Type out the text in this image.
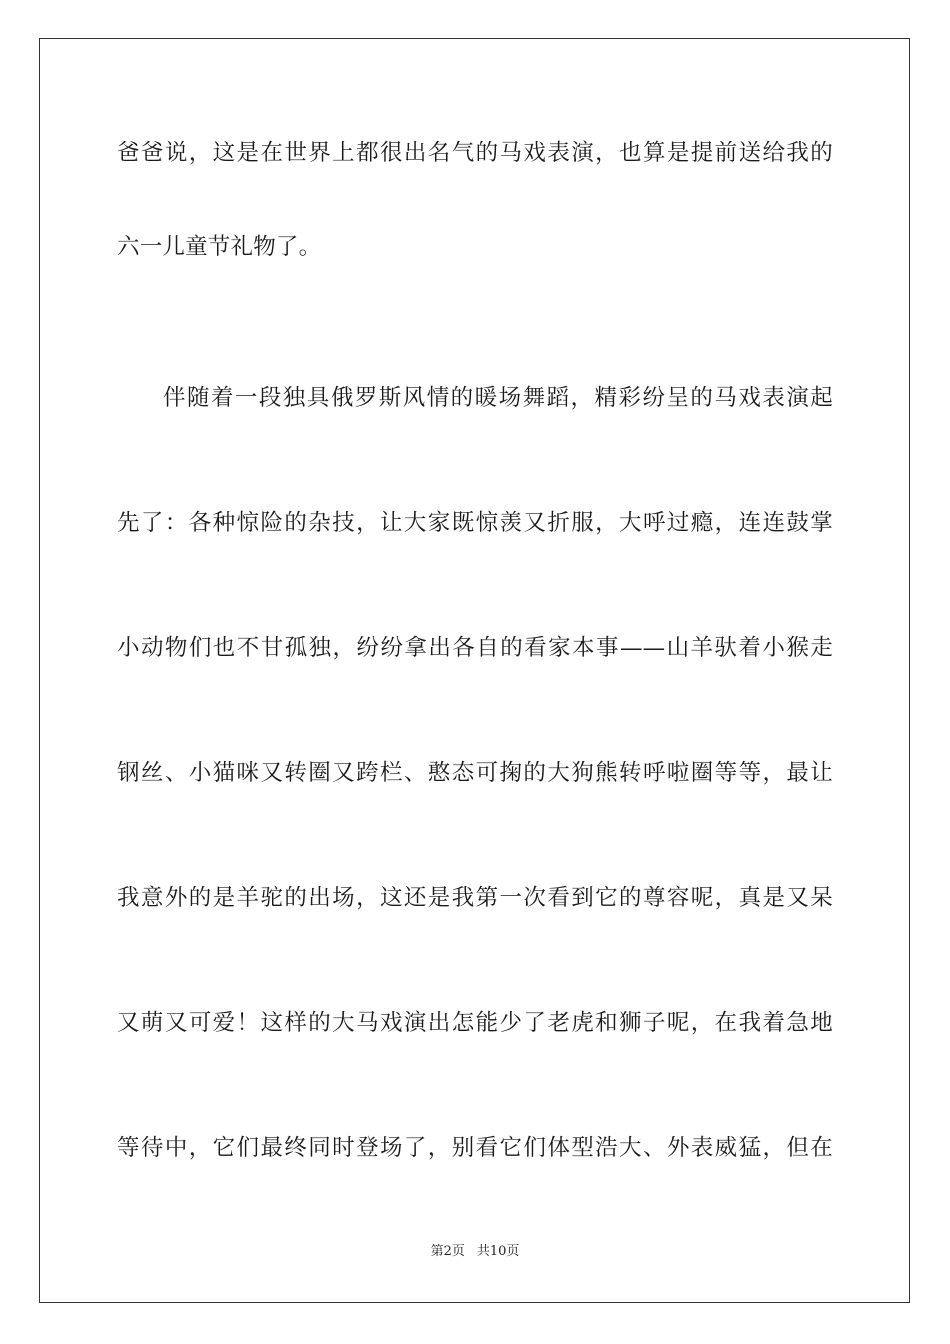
爸爸说，这是在世界上都很出名气的马戏表演，也算是提前送给我的
六一儿童节礼物了。
伴随着一段独具俄罗斯风情的暖场舞蹈，精彩纷呈的马戏表演起
先了：各种惊险的杂技，让大家既惊羡又折服，大呼过瘾，连连鼓掌
小动物们也不甘孤独，纷纷拿出各自的看家本事——山羊驮着小猴走
钢丝、小猫咪又转圈又跨栏、憨态可掬的大狗熊转呼啦圈等等，最让
我意外的是羊驼的出场，这还是我第一次看到它的尊容呢，真是又呆
又萌又可爱！这样的大马戏演出怎能少了老虎和狮子呢，在我着急地
等待中，它们最终同时登场了，别看它们体型浩大、外表威猛，但在
第2页 共10页
